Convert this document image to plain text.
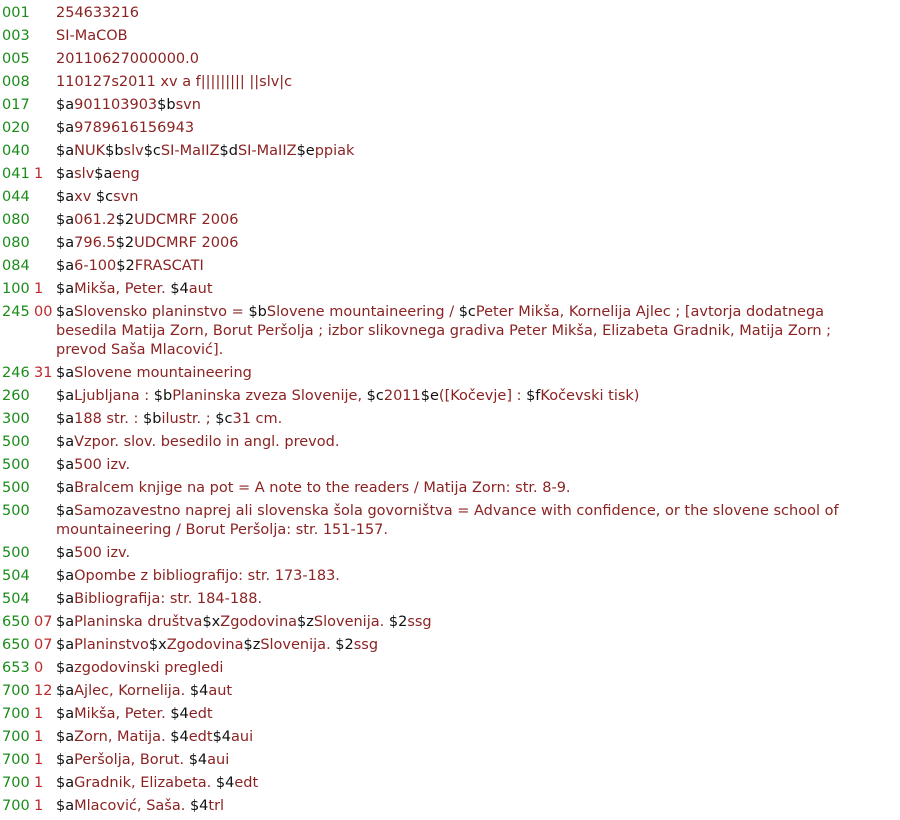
001 254633216
003 SI-MaCOB
005 20110627000000.0
008 110127s2011 xv a f||||||||| ||slv|c
017 $a901103903$bsvn
020 $a9789616156943
040 $aNUK$bslv$cSI-MaIIZ$dSI-MaIIZ$eppiak
041 1 $aslv$aeng
044 $axv $csvn
080 $a061.2$2UDCMRF 2006
080 $a796.5$2UDCMRF 2006
084 $a6-100$2FRASCATI
100 1 $aMikša, Peter. $4aut
245 00 $aSlovensko planinstvo = $bSlovene mountaineering / $cPeter Mikša, Kornelija Ajlec ; [avtorja dodatnega besedila Matija Zorn, Borut Peršolja ; izbor slikovnega gradiva Peter Mikša, Elizabeta Gradnik, Matija Zorn ; prevod Saša Mlacović].
246 31 $aSlovene mountaineering
260 $aLjubljana : $bPlaninska zveza Slovenije, $c2011$e([Kočevje] : $fKočevski tisk)
300 $a188 str. : $bilustr. ; $c31 cm.
500 $aVzpor. slov. besedilo in angl. prevod.
500 $a500 izv.
500 $aBralcem knjige na pot = A note to the readers / Matija Zorn: str. 8-9.
500 $aSamozavestno naprej ali slovenska šola govorništva = Advance with confidence, or the slovene school of mountaineering / Borut Peršolja: str. 151-157.
500 $a500 izv.
504 $aOpombe z bibliografijo: str. 173-183.
504 $aBibliografija: str. 184-188.
650 07 $aPlaninska društva$xZgodovina$zSlovenija. $2ssg
650 07 $aPlaninstvo$xZgodovina$zSlovenija. $2ssg
653 0 $azgodovinski pregledi
700 12 $aAjlec, Kornelija. $4aut
700 1 $aMikša, Peter. $4edt
700 1 $aZorn, Matija. $4edt$4aui
700 1 $aPeršolja, Borut. $4aui
700 1 $aGradnik, Elizabeta. $4edt
700 1 $aMlacović, Saša. $4trl
